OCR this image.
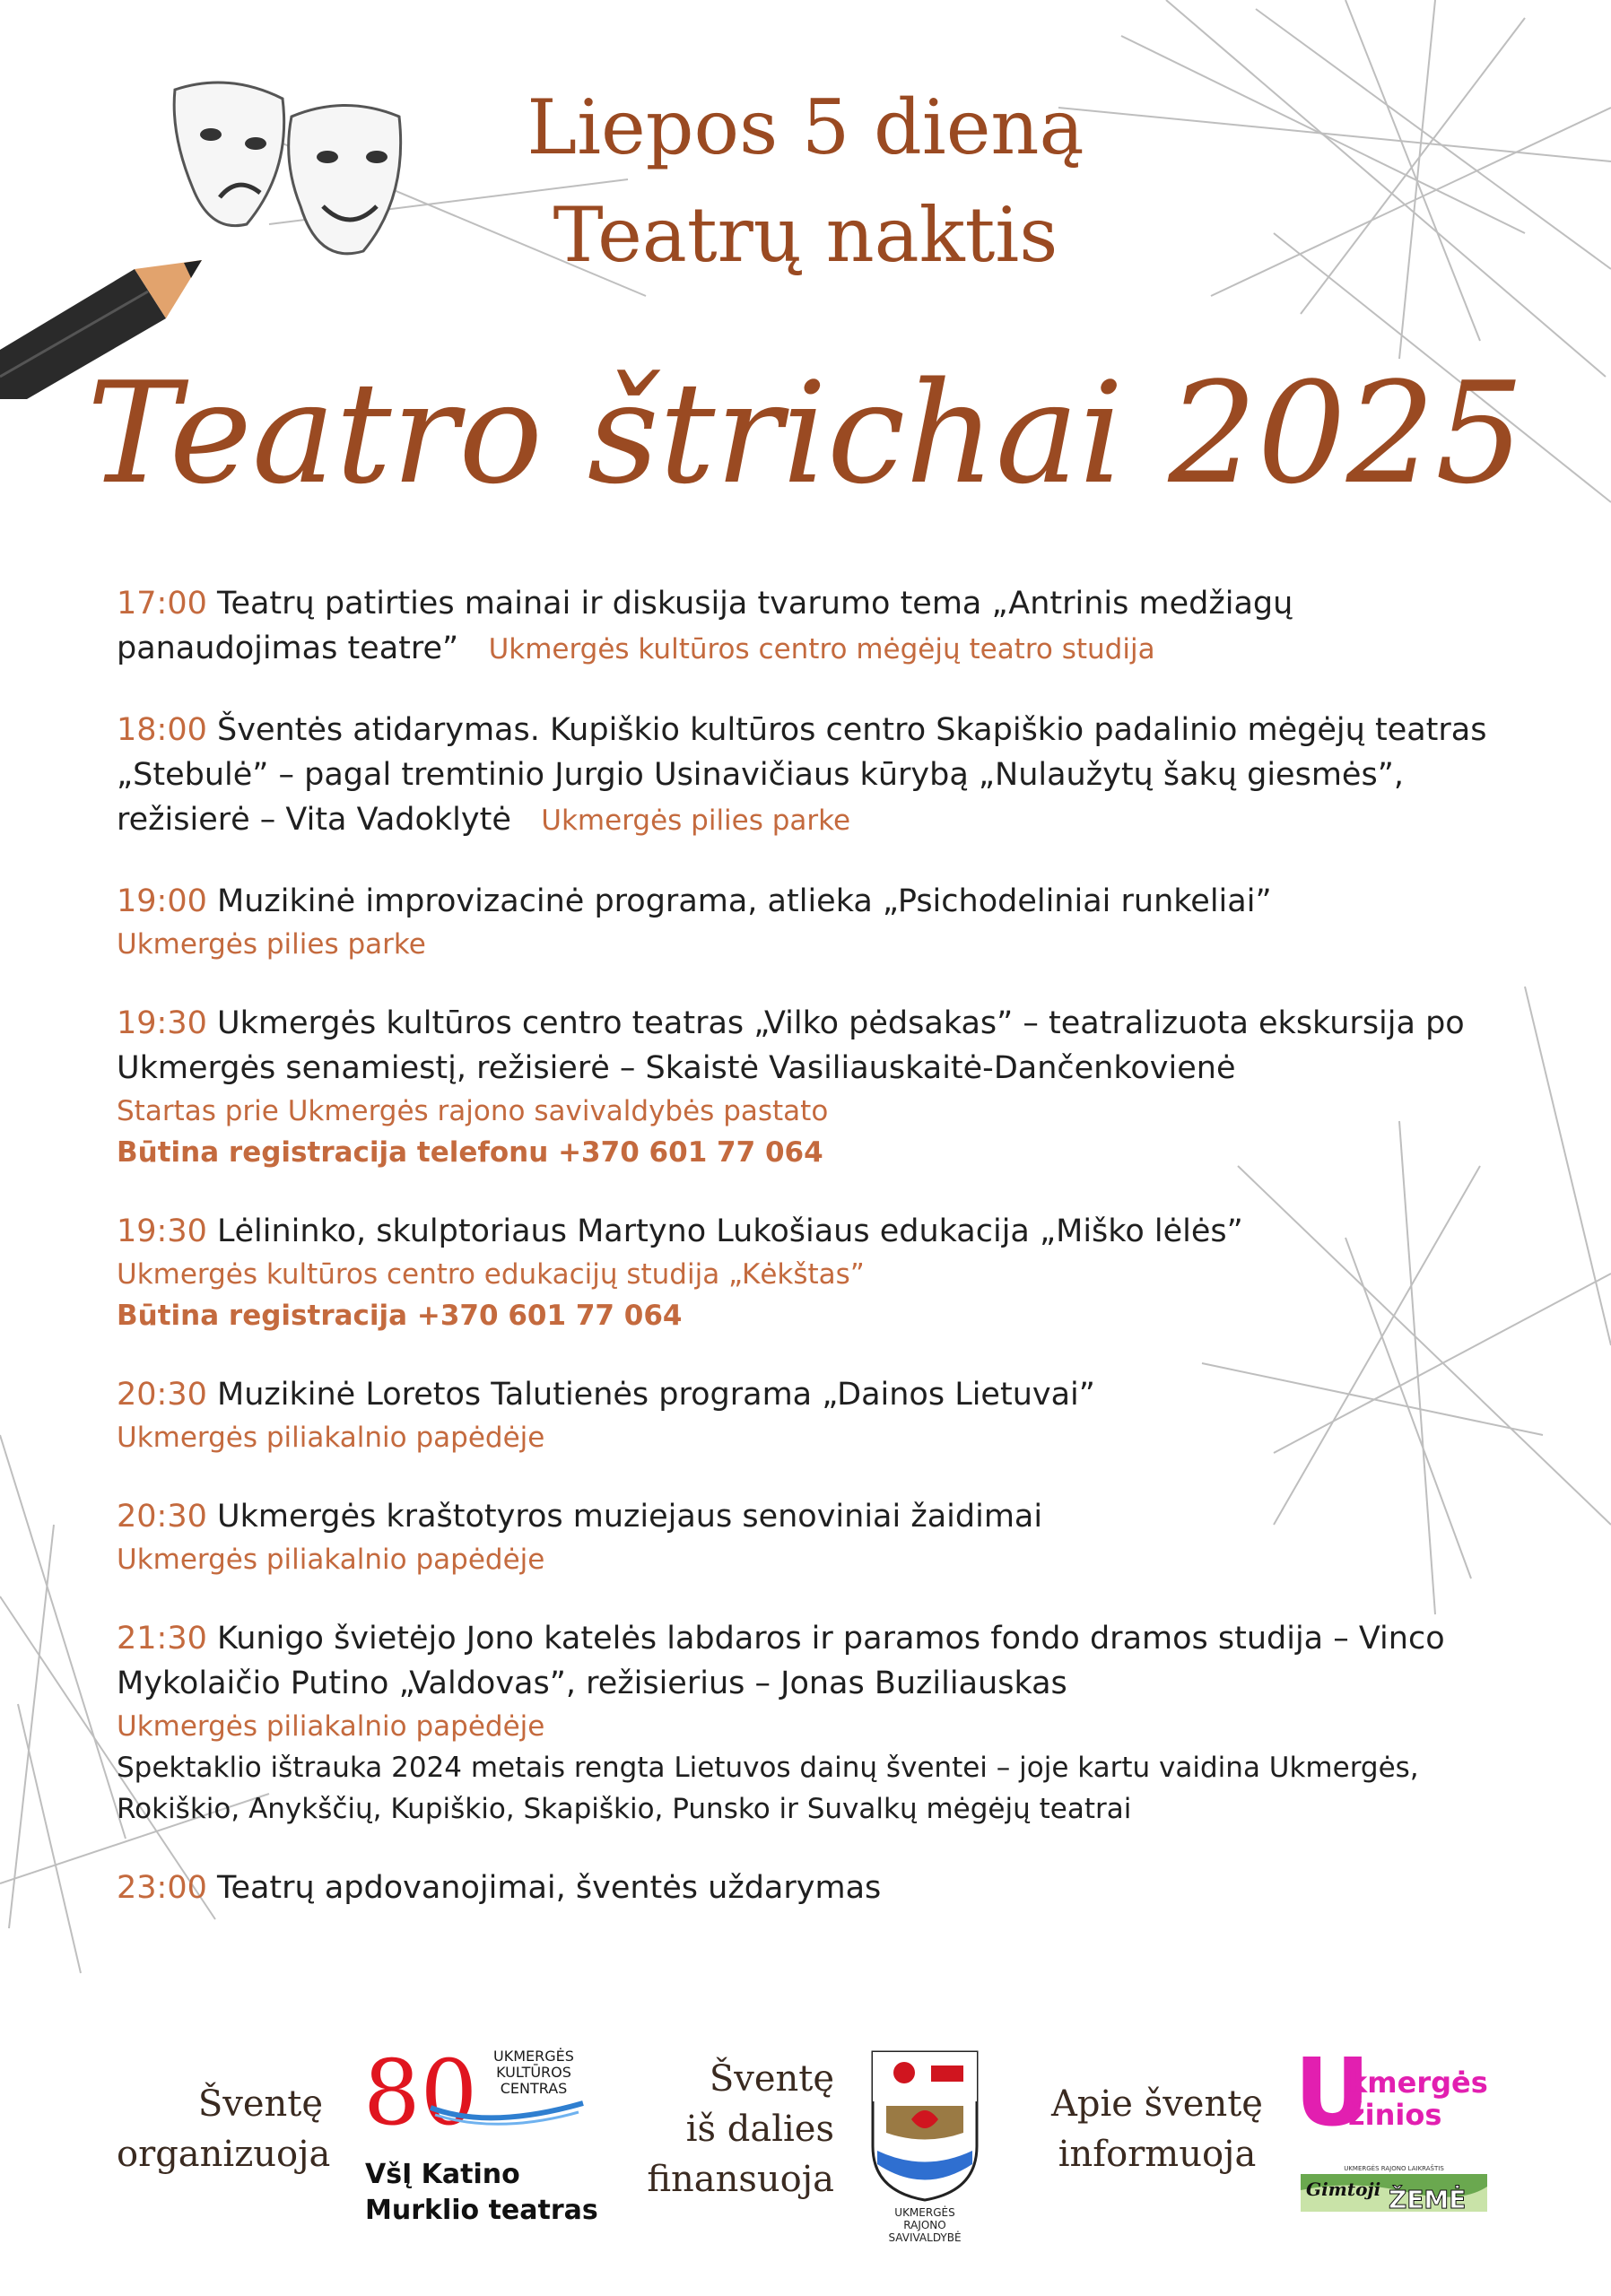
Liepos 5 dieną
Teatrų naktis
Teatro štrichai 2025
17:00 Teatrų patirties mainai ir diskusija tvarumo tema „Antrinis medžiagų panaudojimas teatre” Ukmergės kultūros centro mėgėjų teatro studija
18:00 Šventės atidarymas. Kupiškio kultūros centro Skapiškio padalinio mėgėjų teatras „Stebulė” – pagal tremtinio Jurgio Usinavičiaus kūrybą „Nulaužytų šakų giesmės”, režisierė – Vita Vadoklytė Ukmergės pilies parke
19:00 Muzikinė improvizacinė programa, atlieka „Psichodeliniai runkeliai”
Ukmergės pilies parke
19:30 Ukmergės kultūros centro teatras „Vilko pėdsakas” – teatralizuota ekskursija po Ukmergės senamiestį, režisierė – Skaistė Vasiliauskaitė-Dančenkovienė
Startas prie Ukmergės rajono savivaldybės pastato
Būtina registracija telefonu +370 601 77 064
19:30 Lėlininko, skulptoriaus Martyno Lukošiaus edukacija „Miško lėlės”
Ukmergės kultūros centro edukacijų studija „Kėkštas”
Būtina registracija +370 601 77 064
20:30 Muzikinė Loretos Talutienės programa „Dainos Lietuvai”
Ukmergės piliakalnio papėdėje
20:30 Ukmergės kraštotyros muziejaus senoviniai žaidimai
Ukmergės piliakalnio papėdėje
21:30 Kunigo švietėjo Jono katelės labdaros ir paramos fondo dramos studija – Vinco Mykolaičio Putino „Valdovas”, režisierius – Jonas Buziliauskas
Ukmergės piliakalnio papėdėje
Spektaklio ištrauka 2024 metais rengta Lietuvos dainų šventei – joje kartu vaidina Ukmergės, Rokiškio, Anykščių, Kupiškio, Skapiškio, Punsko ir Suvalkų mėgėjų teatrai
23:00 Teatrų apdovanojimai, šventės uždarymas
Šventę
organizuoja
80 UKMERGĖS
KULTŪROS
CENTRAS
VšĮ Katino
Murklio teatras
Šventę
iš dalies
finansuoja
UKMERGĖS
RAJONO
SAVIVALDYBĖ
Apie šventę
informuoja
U
kmergės
žinios
UKMERGĖS RAJONO LAIKRAŠTIS
Gimtoji ŽEMĖ
